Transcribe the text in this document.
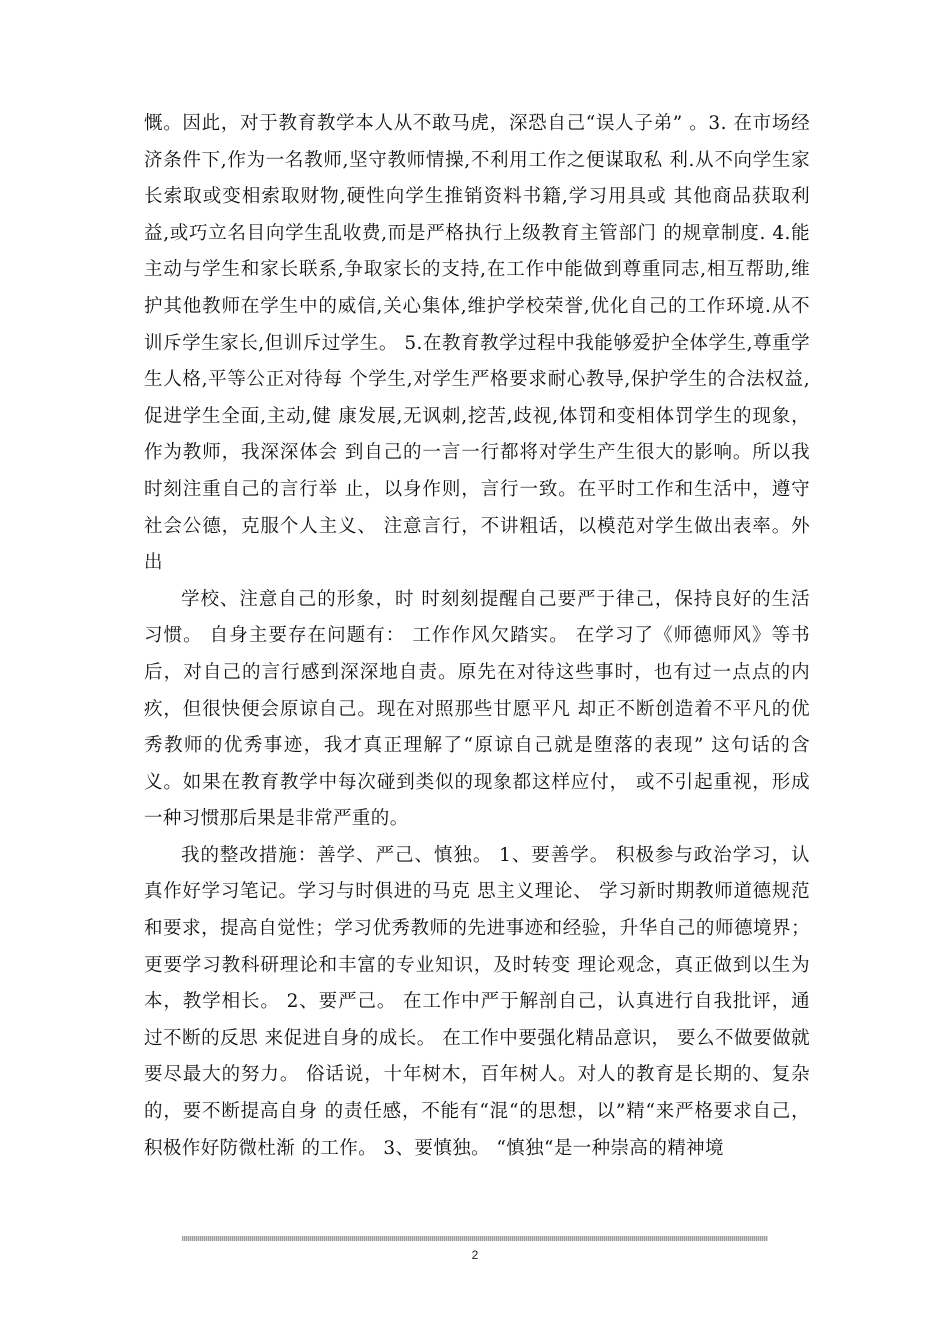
慨。因此，对于教育教学本人从不敢马虎，深恐自己“误人子弟” 。3. 在市场经济条件下,作为一名教师,坚守教师情操,不利用工作之便谋取私 利.从不向学生家长索取或变相索取财物,硬性向学生推销资料书籍,学习用具或 其他商品获取利益,或巧立名目向学生乱收费,而是严格执行上级教育主管部门 的规章制度. 4.能主动与学生和家长联系,争取家长的支持,在工作中能做到尊重同志,相互帮助,维护其他教师在学生中的威信,关心集体,维护学校荣誉,优化自己的工作环境.从不训斥学生家长,但训斥过学生。 5.在教育教学过程中我能够爱护全体学生,尊重学生人格,平等公正对待每 个学生,对学生严格要求耐心教导,保护学生的合法权益,促进学生全面,主动,健 康发展,无讽刺,挖苦,歧视,体罚和变相体罚学生的现象，作为教师，我深深体会 到自己的一言一行都将对学生产生很大的影响。所以我时刻注重自己的言行举 止，以身作则，言行一致。在平时工作和生活中，遵守社会公德，克服个人主义、 注意言行，不讲粗话，以模范对学生做出表率。外出

学校、注意自己的形象，时 时刻刻提醒自己要严于律己，保持良好的生活习惯。 自身主要存在问题有： 工作作风欠踏实。 在学习了《师德师风》等书后，对自己的言行感到深深地自责。原先在对待这些事时，也有过一点点的内疚，但很快便会原谅自己。现在对照那些甘愿平凡 却正不断创造着不平凡的优秀教师的优秀事迹，我才真正理解了“原谅自己就是堕落的表现” 这句话的含义。如果在教育教学中每次碰到类似的现象都这样应付， 或不引起重视，形成一种习惯那后果是非常严重的。

我的整改措施：善学、严己、慎独。 1、要善学。 积极参与政治学习，认真作好学习笔记。学习与时俱进的马克 思主义理论、 学习新时期教师道德规范和要求，提高自觉性；学习优秀教师的先进事迹和经验，升华自己的师德境界；更要学习教科研理论和丰富的专业知识，及时转变 理论观念，真正做到以生为本，教学相长。 2、要严己。 在工作中严于解剖自己，认真进行自我批评，通过不断的反思 来促进自身的成长。 在工作中要强化精品意识， 要么不做要做就要尽最大的努力。 俗话说，十年树木，百年树人。对人的教育是长期的、复杂的，要不断提高自身 的责任感，不能有“混“的思想，以”精“来严格要求自己，积极作好防微杜渐 的工作。 3、要慎独。 “慎独“是一种崇高的精神境

2
